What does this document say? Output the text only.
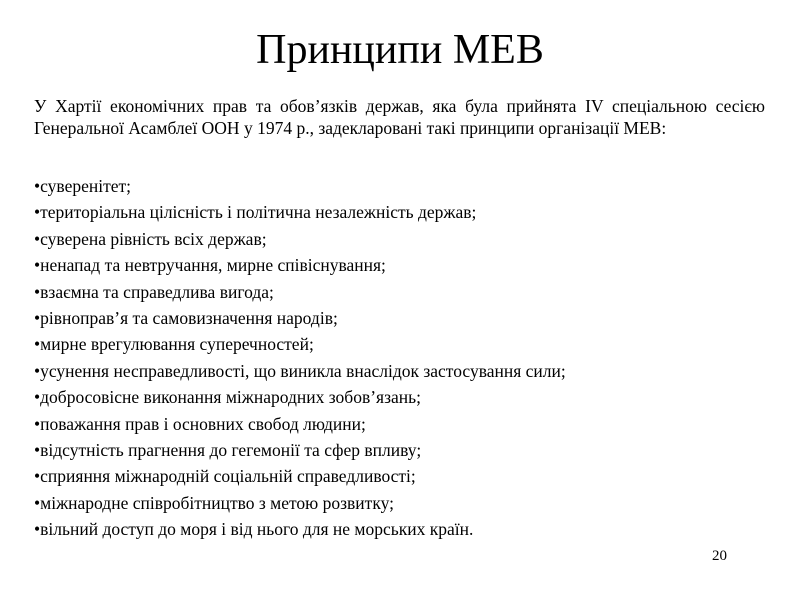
Принципи МЕВ

У Хартії економічних прав та обов’язків держав, яка була прийнята IV спеціальною сесією Генеральної Асамблеї ООН у 1974 р., задекларовані такі принципи організації МЕВ:

• суверенітет;
• територіальна цілісність і політична незалежність держав;
• суверена рівність всіх держав;
• ненапад та невтручання, мирне співіснування;
• взаємна та справедлива вигода;
• рівноправ’я та самовизначення народів;
• мирне врегулювання суперечностей;
• усунення несправедливості, що виникла внаслідок застосування сили;
• добросовісне виконання міжнародних зобов’язань;
• поважання прав і основних свобод людини;
• відсутність прагнення до гегемонії та сфер впливу;
• сприяння міжнародній соціальній справедливості;
• міжнародне співробітництво з метою розвитку;
• вільний доступ до моря і від нього для не морських країн.
20
